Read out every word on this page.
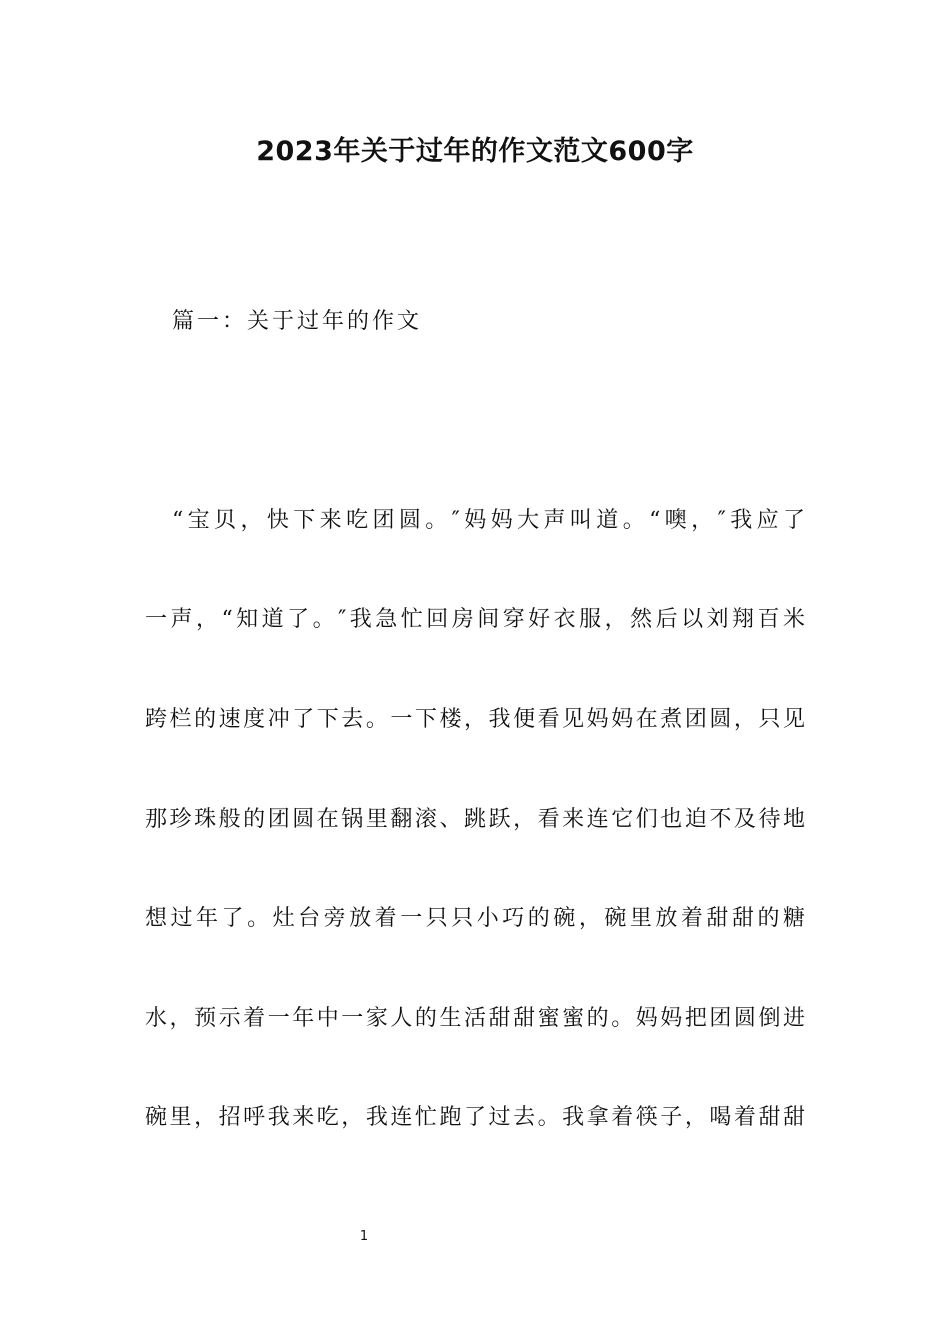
2023年关于过年的作文范文600字
篇一：关于过年的作文
“宝贝，快下来吃团圆。″妈妈大声叫道。“噢，″我应了
一声，“知道了。″我急忙回房间穿好衣服，然后以刘翔百米
跨栏的速度冲了下去。一下楼，我便看见妈妈在煮团圆，只见
那珍珠般的团圆在锅里翻滚、跳跃，看来连它们也迫不及待地
想过年了。灶台旁放着一只只小巧的碗，碗里放着甜甜的糖
水，预示着一年中一家人的生活甜甜蜜蜜的。妈妈把团圆倒进
碗里，招呼我来吃，我连忙跑了过去。我拿着筷子，喝着甜甜
1
